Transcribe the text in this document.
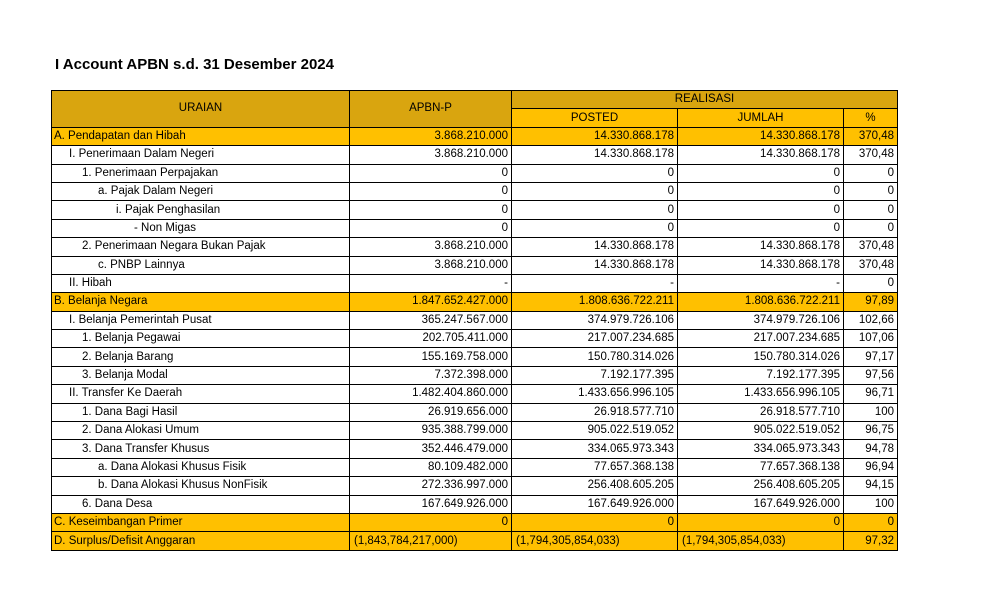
I Account APBN s.d. 31 Desember 2024
URAIAN	APBN-P	REALISASI		
		POSTED	JUMLAH	%
A. Pendapatan dan Hibah	3.868.210.000	14.330.868.178	14.330.868.178	370,48
I. Penerimaan Dalam Negeri	3.868.210.000	14.330.868.178	14.330.868.178	370,48
1. Penerimaan Perpajakan	0	0	0	0
a. Pajak Dalam Negeri	0	0	0	0
i. Pajak Penghasilan	0	0	0	0
- Non Migas	0	0	0	0
2. Penerimaan Negara Bukan Pajak	3.868.210.000	14.330.868.178	14.330.868.178	370,48
c. PNBP Lainnya	3.868.210.000	14.330.868.178	14.330.868.178	370,48
II. Hibah	-	-	-	0
B. Belanja Negara	1.847.652.427.000	1.808.636.722.211	1.808.636.722.211	97,89
I. Belanja Pemerintah Pusat	365.247.567.000	374.979.726.106	374.979.726.106	102,66
1. Belanja Pegawai	202.705.411.000	217.007.234.685	217.007.234.685	107,06
2. Belanja Barang	155.169.758.000	150.780.314.026	150.780.314.026	97,17
3. Belanja Modal	7.372.398.000	7.192.177.395	7.192.177.395	97,56
II. Transfer Ke Daerah	1.482.404.860.000	1.433.656.996.105	1.433.656.996.105	96,71
1. Dana Bagi Hasil	26.919.656.000	26.918.577.710	26.918.577.710	100
2. Dana Alokasi Umum	935.388.799.000	905.022.519.052	905.022.519.052	96,75
3. Dana Transfer Khusus	352.446.479.000	334.065.973.343	334.065.973.343	94,78
a. Dana Alokasi Khusus Fisik	80.109.482.000	77.657.368.138	77.657.368.138	96,94
b. Dana Alokasi Khusus NonFisik	272.336.997.000	256.408.605.205	256.408.605.205	94,15
6. Dana Desa	167.649.926.000	167.649.926.000	167.649.926.000	100
C. Keseimbangan Primer	0	0	0	0
D. Surplus/Defisit Anggaran	(1,843,784,217,000)	(1,794,305,854,033)	(1,794,305,854,033)	97,32
